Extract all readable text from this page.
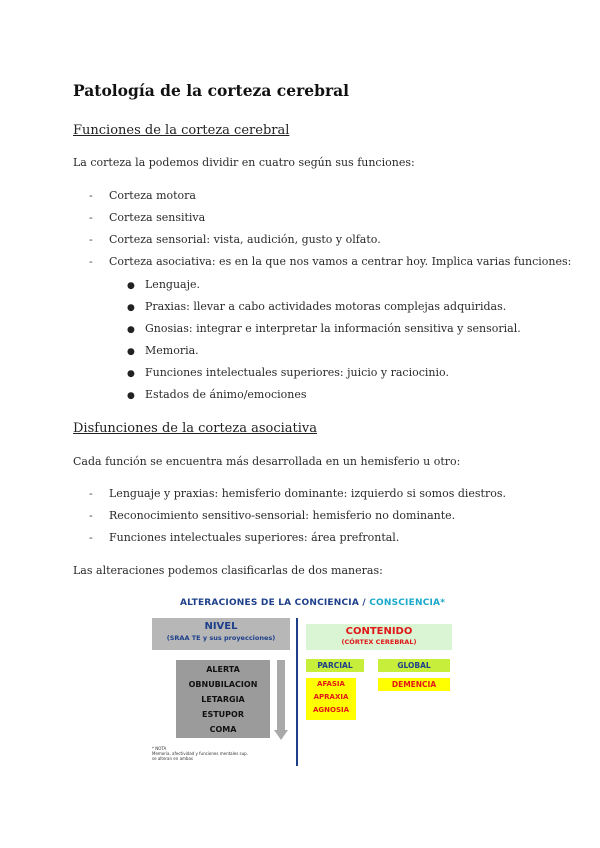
Patología de la corteza cerebral
Funciones de la corteza cerebral
La corteza la podemos dividir en cuatro según sus funciones:
- Corteza motora
- Corteza sensitiva
- Corteza sensorial: vista, audición, gusto y olfato.
- Corteza asociativa: es en la que nos vamos a centrar hoy. Implica varias funciones:
● Lenguaje.
● Praxias: llevar a cabo actividades motoras complejas adquiridas.
● Gnosias: integrar e interpretar la información sensitiva y sensorial.
● Memoria.
● Funciones intelectuales superiores: juicio y raciocinio.
● Estados de ánimo/emociones
Disfunciones de la corteza asociativa
Cada función se encuentra más desarrollada en un hemisferio u otro:
- Lenguaje y praxias: hemisferio dominante: izquierdo si somos diestros.
- Reconocimiento sensitivo-sensorial: hemisferio no dominante.
- Funciones intelectuales superiores: área prefrontal.
Las alteraciones podemos clasificarlas de dos maneras:
ALTERACIONES DE LA CONCIENCIA / CONSCIENCIA*
NIVEL
(SRAA TE y sus proyecciones)
ALERTA
OBNUBILACION
LETARGIA
ESTUPOR
COMA
CONTENIDO
(CÓRTEX CEREBRAL)
PARCIAL	GLOBAL
AFASIA
APRAXIA
AGNOSIA
DEMENCIA
* NOTA
Memoria, afectividad y funciones mentales sup.
se alteran en ambas
